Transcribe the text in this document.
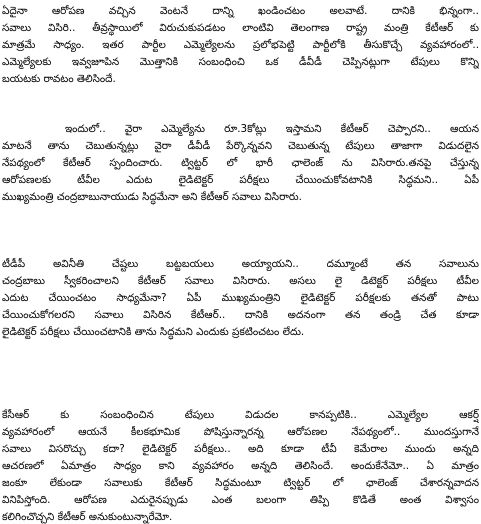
ఏదైనా ఆరోపణ వచ్చిన వెంటనే దాన్ని ఖండించటం అలవాటే. దానికి భిన్నంగా..
సవాలు విసిరి.. తీవ్రస్థాయిలో విరుచుకుపడటం లాంటివి తెలంగాణ రాష్ట్ర మంత్రి కేటీఆర్ కు
మాత్రమే సాధ్యం. ఇతర పార్టీల ఎమ్మెల్యేలను ప్రలోభపెట్టి పార్టీలోకి తీసుకొచ్చే వ్యవహారంలో..
ఎమ్మెల్యేలకు ఇవ్వజూపిన మొత్తానికి సంబంధించి ఒక డీవీడీ చెప్పినట్లుగా టేపులు కొన్ని
బయటకు రావటం తెలిసిందే.
ఇందులో.. వైరా ఎమ్మెల్యేను రూ.3కోట్లు ఇస్తామని కేటీఆర్ చెప్పారని.. ఆయన
మాటనే తాను చెబుతున్నట్లు వైరా డీవీడీ పేర్కొన్నవని చెబుతున్న టేపులు తాజాగా విడుదలైన
నేపథ్యంలో కేటీఆర్ స్పందించారు. ట్విట్టర్ లో భారీ ఛాలెంజ్ ను విసిరారు.తనపై చేస్తున్న
ఆరోపణలకు టీవీల ఎదుట లైడిటెక్టర్ పరీక్షలు చేయించుకోవటానికి సిద్ధమని.. ఏపీ
ముఖ్యమంత్రి చంద్రబాబునాయుడు సిద్ధమేనా అని కేటీఆర్ సవాలు విసిరారు.
టీడీపీ అవినీతి చేష్టలు బట్టబయలు అయ్యాయని.. దమ్మూంటే తన సవాలును
చంద్రబాబు స్వీకరించాలని కేటీఆర్ సవాలు విసిరారు. అసలు లై డిటెక్టర్ పరీక్షలు టీవీల
ఎదుట చేయించటం సాధ్యమేనా? ఏపీ ముఖ్యమంత్రిని లైడిటెక్టర్ పరీక్షలకు తనతో పాటు
చేయించుకోగలరని సవాలు విసిరిన కేటీఆర్.. దానికి అదనంగా తన తండ్రి చేత కూడా
లైడిటెక్టర్ పరీక్షలు చేయించటానికి తాను సిద్ధమని ఎందుకు ప్రకటించటం లేదు.
కేసీఆర్ కు సంబంధించిన టేపులు విడుదల కానప్పటికి.. ఎమ్మెల్యేల ఆకర్ష్
వ్యవహారంలో ఆయనే కీలకభూమిక పోషిస్తున్నారన్న ఆరోపణల నేపథ్యంలో.. ముందస్తుగానే
సవాలు విసరొచ్చు కదా? లైడిటెక్టర్ పరీక్షలు.. అది కూడా టీవీ కెమేరాల ముందు అన్నది
ఆచరణలో ఏమాత్రం సాధ్యం కాని వ్యవహారం అన్నది తెలిసిందే. అందుకేనేమో.. ఏ మాత్రం
జంకూ లేకుండా సవాలుకు కేటీఆర్ సిద్ధమంటూ ట్విట్టర్ లో ఛాలెంజ్ చేశారన్నవాదన
వినిపిస్తోంది. ఆరోపణ ఎదురైనప్పుడు ఎంత బలంగా తిప్పి కొడితే అంత విశ్వాసం
కలిగించొచ్చని కేటీఆర్ అనుకుంటున్నారేమో.
